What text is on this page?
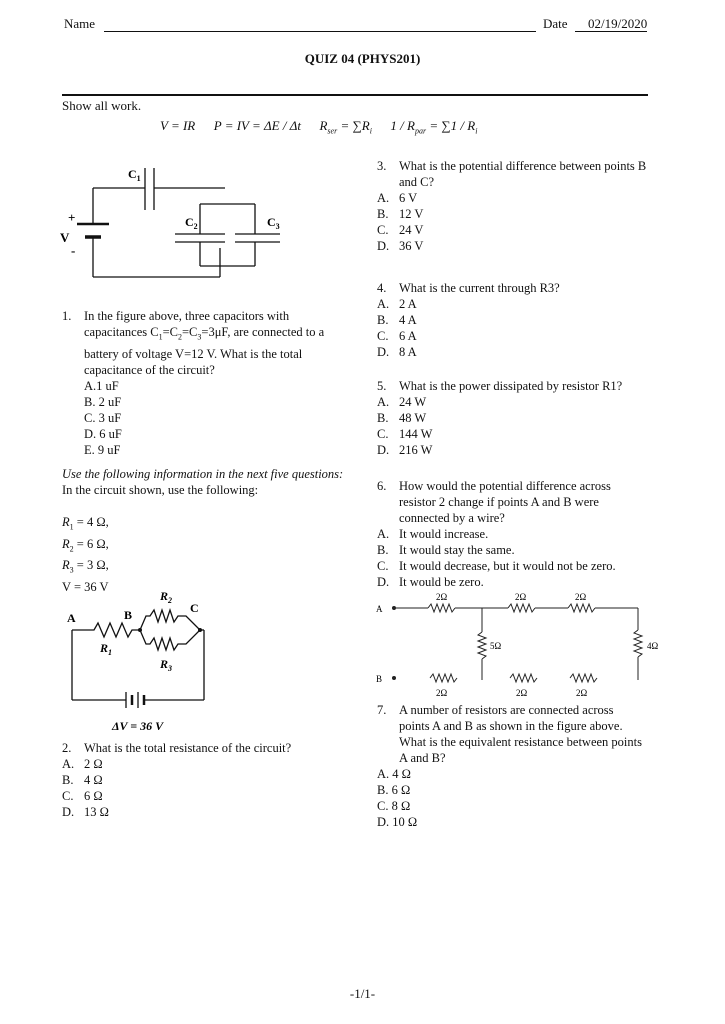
Name	Date 02/19/2020
QUIZ 04 (PHYS201)
Show all work.
V = IR P = IV = ΔE / Δt $R_{ser} = \sum R_i$ $1 / R_{par} = \sum 1 / R_i$
$C_1$
$C_2$	$C_3$
+
V
-
1.	In the figure above, three capacitors with capacitances $C_1=C_2=C_3=3\mu F$, are connected to a battery of voltage V=12 V. What is the total capacitance of the circuit?
A.1 uF
B. 2 uF
C. 3 uF
D. 6 uF
E. 9 uF
Use the following information in the next five questions: In the circuit shown, use the following:
$R_1 = 4$ Ω,
$R_2 = 6$ Ω,
$R_3 = 3$ Ω,
V = 36 V
A	B	C
$R_2$
$R_1$
$R_3$
ΔV = 36 V
2.	What is the total resistance of the circuit?
A. 2 Ω
B. 4 Ω
C. 6 Ω
D. 13 Ω
3.	What is the potential difference between points B and C?
A. 6 V
B. 12 V
C. 24 V
D. 36 V
4.	What is the current through R3?
A. 2 A
B. 4 A
C. 6 A
D. 8 A
5.	What is the power dissipated by resistor R1?
A. 24 W
B. 48 W
C. 144 W
D. 216 W
6.	How would the potential difference across resistor 2 change if points A and B were connected by a wire?
A. It would increase.
B. It would stay the same.
C. It would decrease, but it would not be zero.
D. It would be zero.
A
B
2Ω	2Ω	2Ω
5Ω	4Ω
2Ω	2Ω	2Ω
7.	A number of resistors are connected across points A and B as shown in the figure above. What is the equivalent resistance between points A and B?
A. 4 Ω
B. 6 Ω
C. 8 Ω
D. 10 Ω
-1/1-
